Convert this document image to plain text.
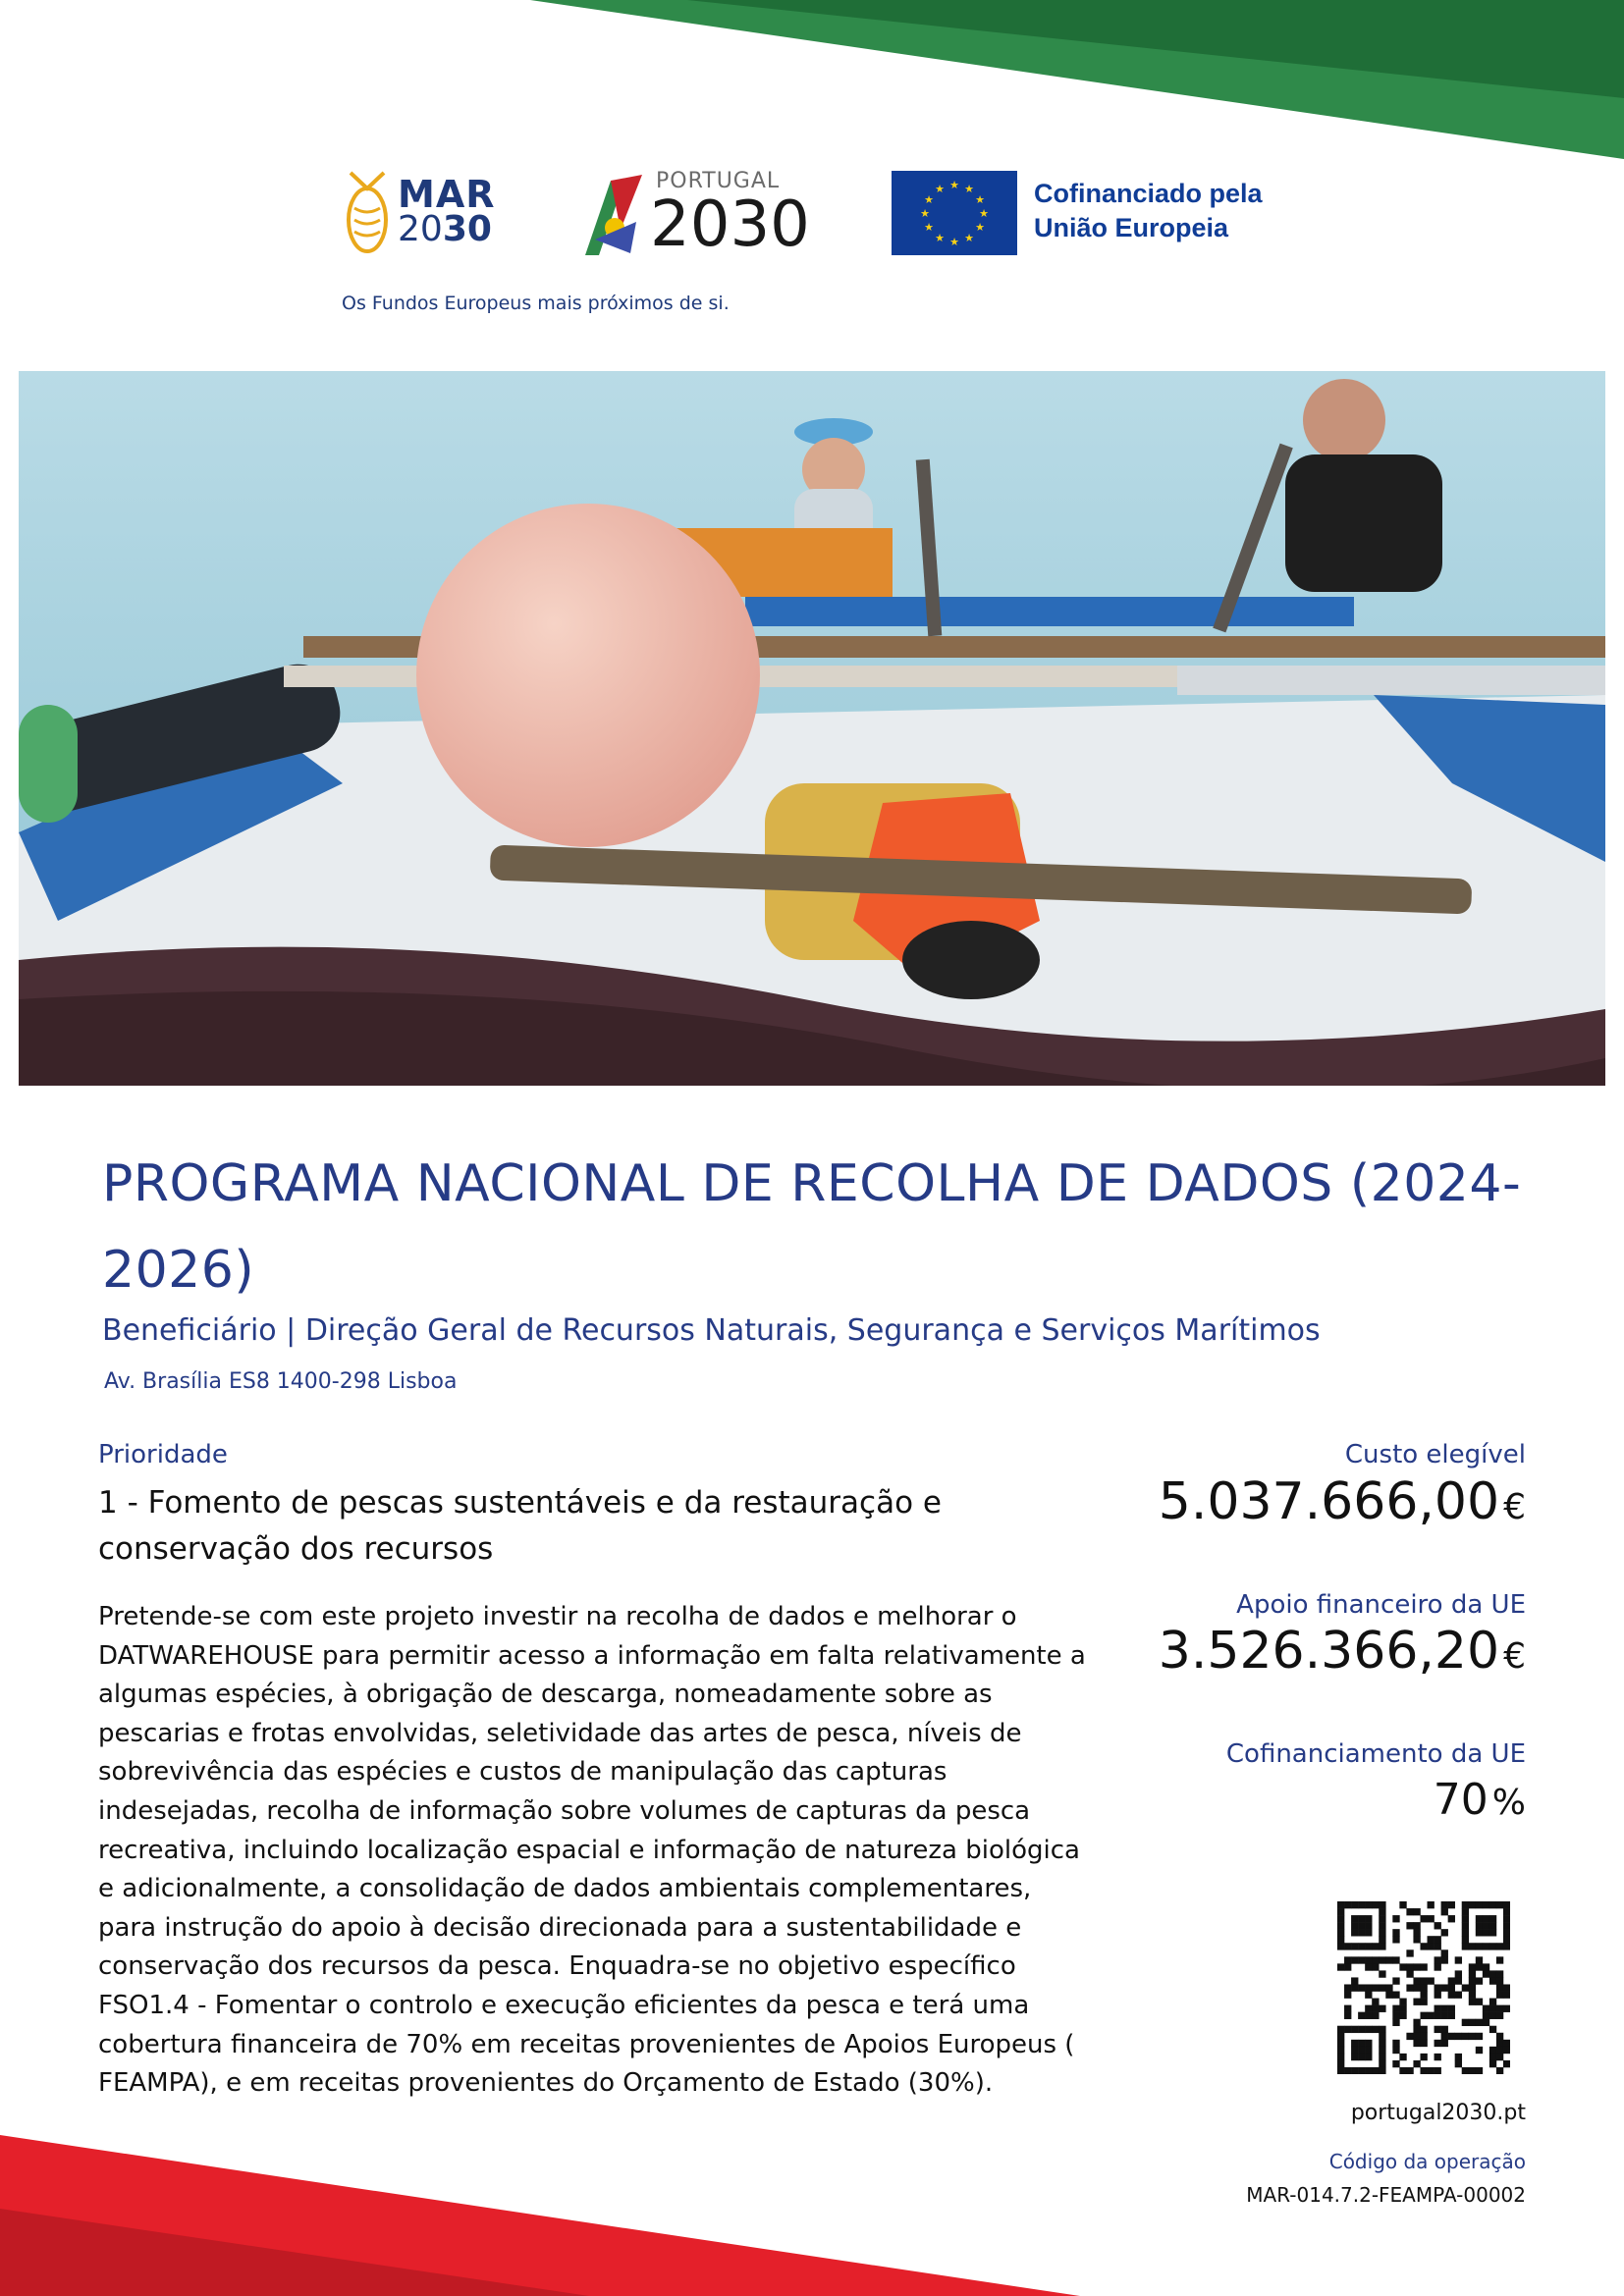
MAR
2030
Os Fundos Europeus mais próximos de si.
PORTUGAL
2030
★ ★
★
★
★
★
★
★
★
★
★
★	Cofinanciado pela
União Europeia
PROGRAMA NACIONAL DE RECOLHA DE DADOS (2024-2026)
Beneficiário | Direção Geral de Recursos Naturais, Segurança e Serviços Marítimos
Av. Brasília ES8 1400-298 Lisboa
Prioridade
1 - Fomento de pescas sustentáveis e da restauração e conservação dos recursos
Pretende-se com este projeto investir na recolha de dados e melhorar o DATWAREHOUSE para permitir acesso a informação em falta relativamente a algumas espécies, à obrigação de descarga, nomeadamente sobre as pescarias e frotas envolvidas, seletividade das artes de pesca, níveis de sobrevivência das espécies e custos de manipulação das capturas indesejadas, recolha de informação sobre volumes de capturas da pesca recreativa, incluindo localização espacial e informação de natureza biológica e adicionalmente, a consolidação de dados ambientais complementares, para instrução do apoio à decisão direcionada para a sustentabilidade e conservação dos recursos da pesca. Enquadra-se no objetivo específico FSO1.4 - Fomentar o controlo e execução eficientes da pesca e terá uma cobertura financeira de 70% em receitas provenientes de Apoios Europeus ( FEAMPA), e em receitas provenientes do Orçamento de Estado (30%).
Custo elegível
5.037.666,00 €
Apoio financeiro da UE
3.526.366,20 €
Cofinanciamento da UE
70 %
portugal2030.pt
Código da operação
MAR-014.7.2-FEAMPA-00002
